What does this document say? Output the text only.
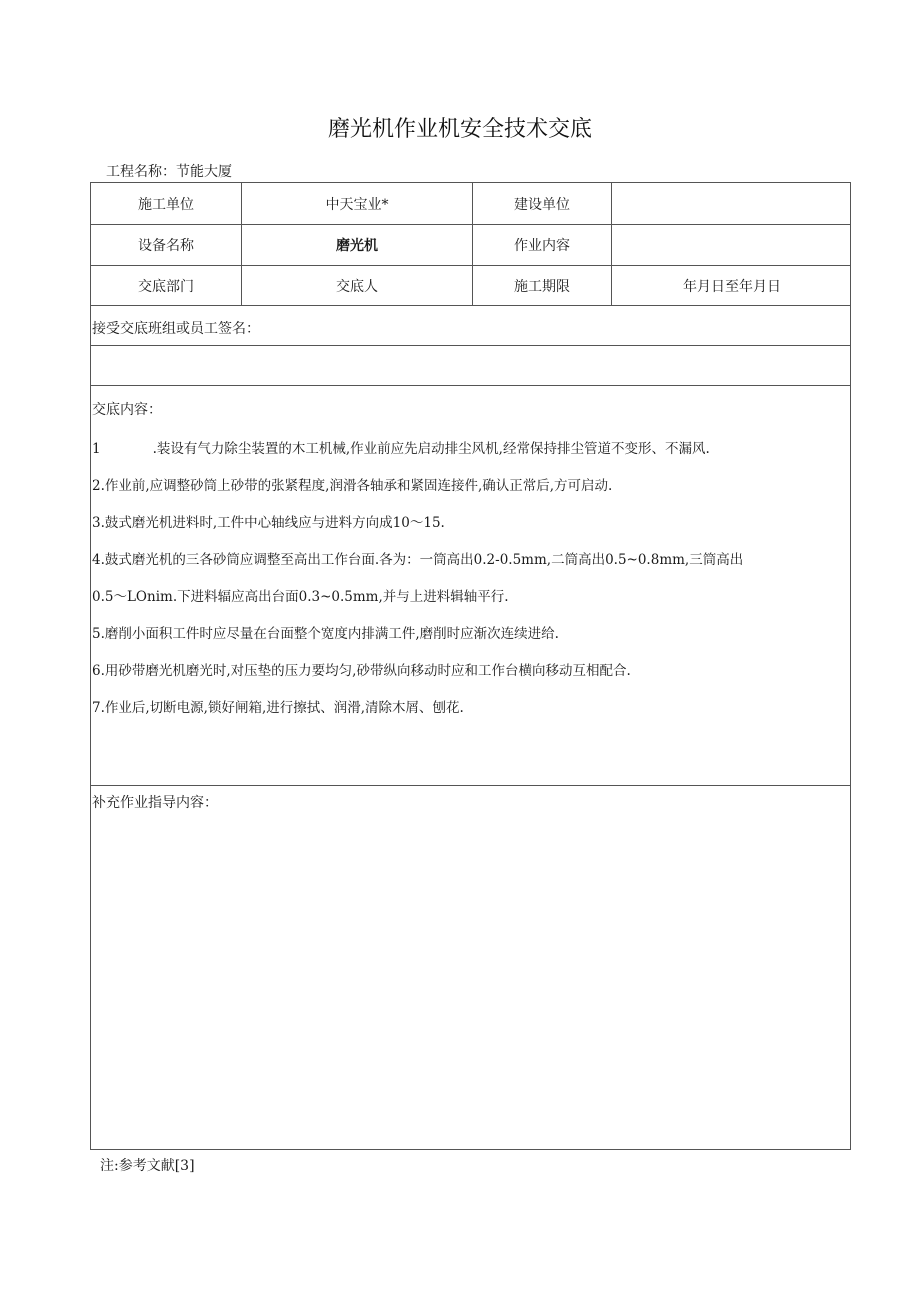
磨光机作业机安全技术交底
工程名称：节能大厦
施工单位	中天宝业*	建设单位
设备名称	磨光机	作业内容
交底部门	交底人	施工期限	年月日至年月日
接受交底班组或员工签名：
交底内容：
1	.装设有气力除尘装置的木工机械,作业前应先启动排尘风机,经常保持排尘管道不变形、不漏风.
2.作业前,应调整砂筒上砂带的张紧程度,润滑各轴承和紧固连接件,确认正常后,方可启动.
3.鼓式磨光机进料时,工件中心轴线应与进料方向成10～15.
4.鼓式磨光机的三各砂筒应调整至高出工作台面.各为：一筒高出0.2-0.5mm,二筒高出0.5~0.8mm,三筒高出
0.5～LOnim.下进料辐应高出台面0.3~0.5mm,并与上进料辑轴平行.
5.磨削小面积工件时应尽量在台面整个宽度内排满工件,磨削时应渐次连续进给.
6.用砂带磨光机磨光时,对压垫的压力要均匀,砂带纵向移动时应和工作台横向移动互相配合.
7.作业后,切断电源,锁好闸箱,进行擦拭、润滑,清除木屑、刨花.
补充作业指导内容：
注:参考文献[3]
